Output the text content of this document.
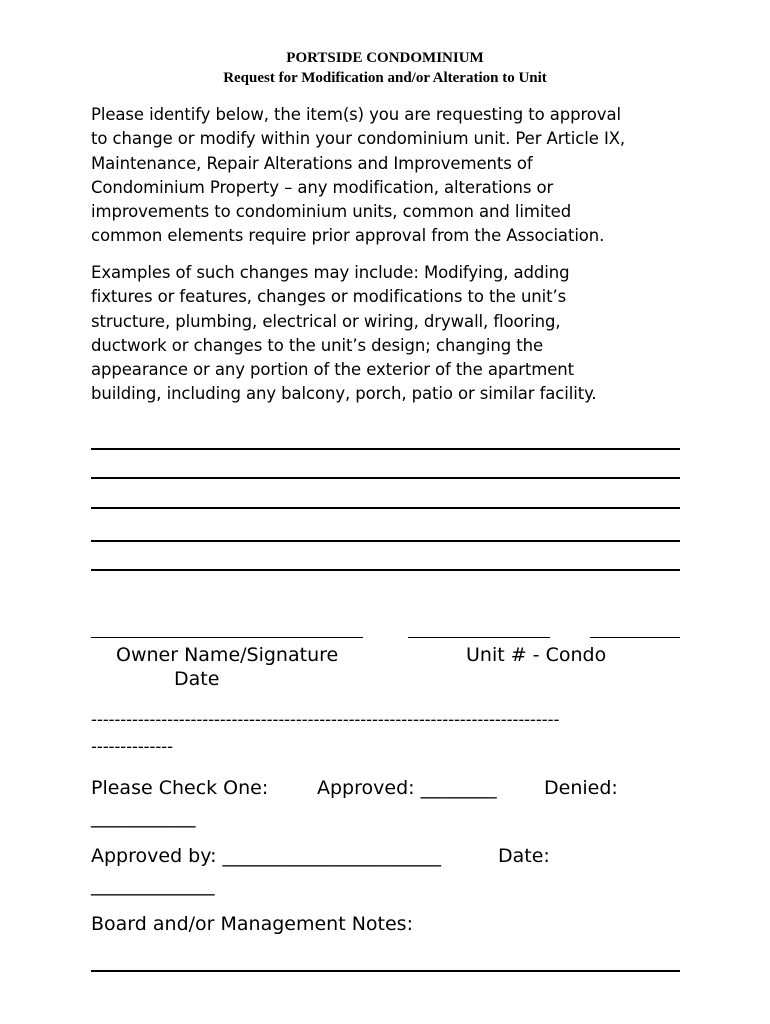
PORTSIDE CONDOMINIUM
Request for Modification and/or Alteration to Unit
Please identify below, the item(s) you are requesting to approval
to change or modify within your condominium unit. Per Article IX,
Maintenance, Repair Alterations and Improvements of
Condominium Property – any modification, alterations or
improvements to condominium units, common and limited
common elements require prior approval from the Association.
Examples of such changes may include: Modifying, adding
fixtures or features, changes or modifications to the unit’s
structure, plumbing, electrical or wiring, drywall, flooring,
ductwork or changes to the unit’s design; changing the
appearance or any portion of the exterior of the apartment
building, including any balcony, porch, patio or similar facility.
Owner Name/Signature	Unit # - Condo
Date
--------------------------------------------------------------------------------
--------------
Please Check One:	Approved: ________ Denied:
___________
Approved by: _______________________	Date:
_____________
Board and/or Management Notes:
